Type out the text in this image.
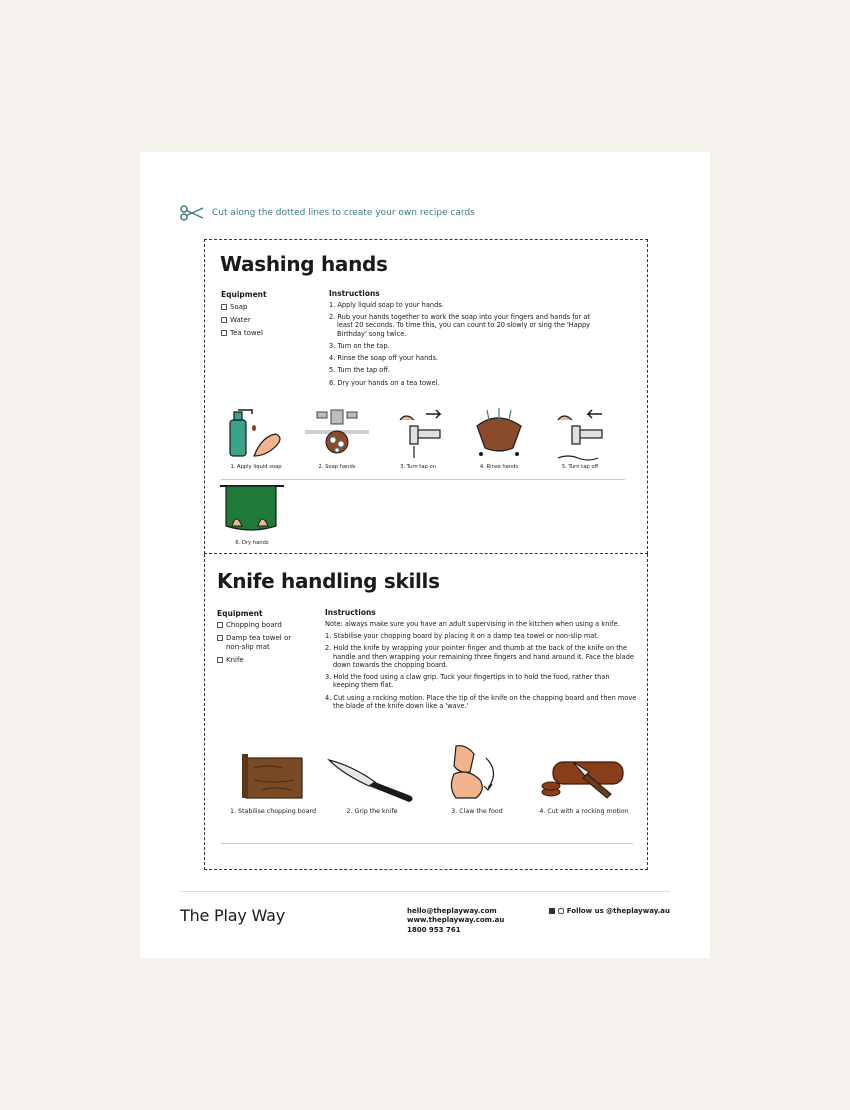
Cut along the dotted lines to create your own recipe cards
Washing hands
Equipment
Soap
Water
Tea towel
Instructions
1. Apply liquid soap to your hands.
2. Rub your hands together to work the soap into your fingers and hands for at least 20 seconds. To time this, you can count to 20 slowly or sing the 'Happy Birthday' song twice.
3. Turn on the tap.
4. Rinse the soap off your hands.
5. Turn the tap off.
6. Dry your hands on a tea towel.
1. Apply liquid soap	2. Soap hands	3. Turn tap on	4. Rinse hands	5. Turn tap off
6. Dry hands
Knife handling skills
Equipment
Chopping board
Damp tea towel or non-slip mat
Knife
Instructions
Note: always make sure you have an adult supervising in the kitchen when using a knife.
1. Stabilise your chopping board by placing it on a damp tea towel or non-slip mat.
2. Hold the knife by wrapping your pointer finger and thumb at the back of the knife on the handle and then wrapping your remaining three fingers and hand around it. Face the blade down towards the chopping board.
3. Hold the food using a claw grip. Tuck your fingertips in to hold the food, rather than keeping them flat.
4. Cut using a rocking motion. Place the tip of the knife on the chopping board and then move the blade of the knife down like a 'wave.'
1. Stabilise chopping board	2. Grip the knife	3. Claw the food	4. Cut with a rocking motion
The Play Way	hello@theplayway.com
www.theplayway.com.au
1800 953 761
Follow us @theplayway.au
